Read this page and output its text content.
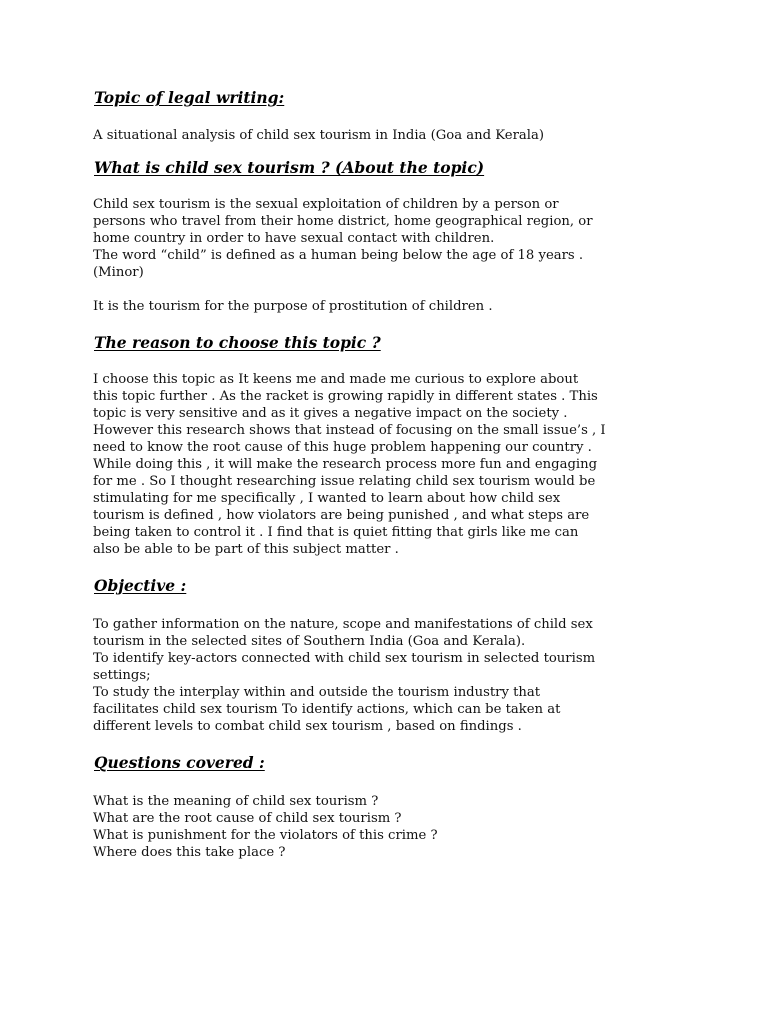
Topic of legal writing:

A situational analysis of child sex tourism in India (Goa and Kerala)

What is child sex tourism ? (About the topic)

Child sex tourism is the sexual exploitation of children by a person or
persons who travel from their home district, home geographical region, or
home country in order to have sexual contact with children.
The word “child” is defined as a human being below the age of 18 years .
(Minor)
It is the tourism for the purpose of prostitution of children .

The reason to choose this topic ?

I choose this topic as It keens me and made me curious to explore about
this topic further . As the racket is growing rapidly in different states . This
topic is very sensitive and as it gives a negative impact on the society .
However this research shows that instead of focusing on the small issue’s , I
need to know the root cause of this huge problem happening our country .
While doing this , it will make the research process more fun and engaging
for me . So I thought researching issue relating child sex tourism would be
stimulating for me specifically , I wanted to learn about how child sex
tourism is defined , how violators are being punished , and what steps are
being taken to control it . I find that is quiet fitting that girls like me can
also be able to be part of this subject matter .

Objective :

To gather information on the nature, scope and manifestations of child sex
tourism in the selected sites of Southern India (Goa and Kerala).
To identify key-actors connected with child sex tourism in selected tourism
settings;
To study the interplay within and outside the tourism industry that
facilitates child sex tourism To identify actions, which can be taken at
different levels to combat child sex tourism , based on findings .

Questions covered :

What is the meaning of child sex tourism ?
What are the root cause of child sex tourism ?
What is punishment for the violators of this crime ?
Where does this take place ?
